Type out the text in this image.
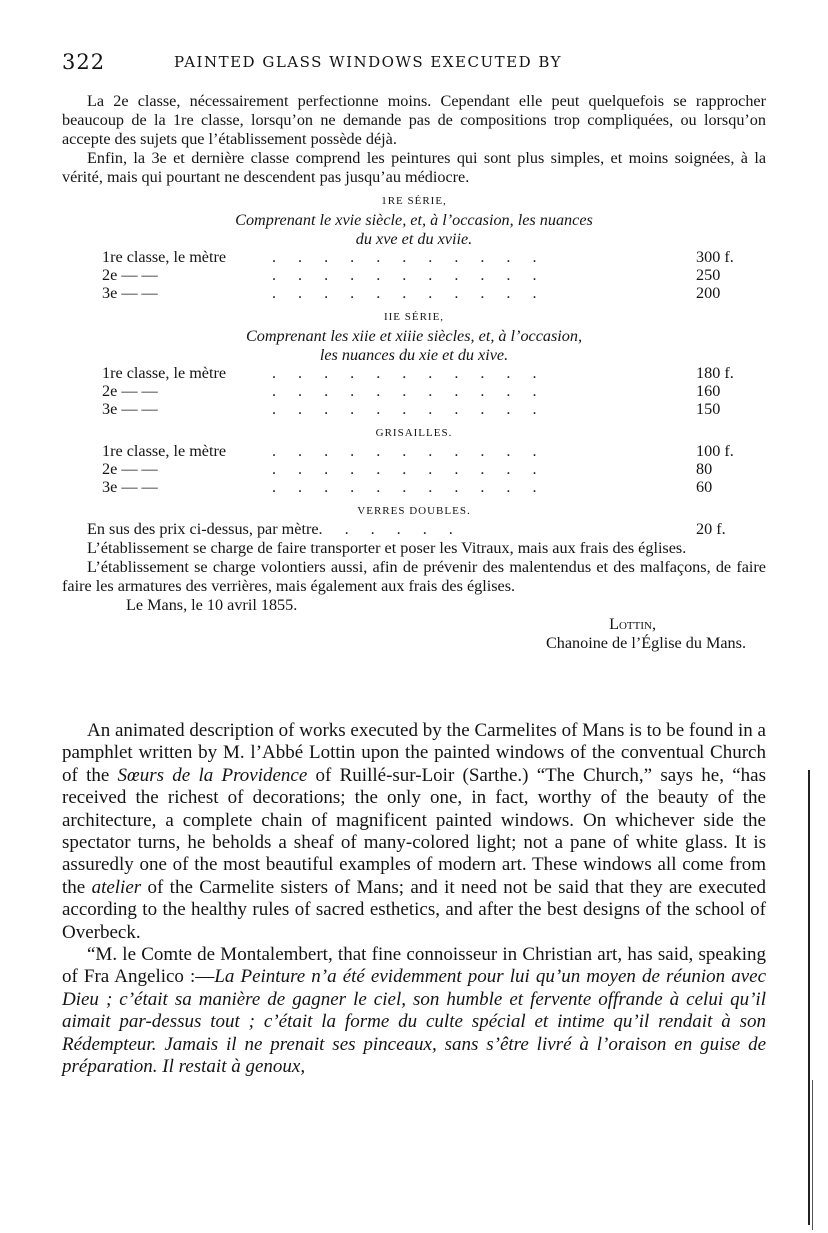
322	PAINTED GLASS WINDOWS EXECUTED BY

La 2e classe, nécessairement perfectionne moins. Cependant elle peut quelquefois se rapprocher beaucoup de la 1re classe, lorsqu’on ne demande pas de compositions trop compliquées, ou lorsqu’on accepte des sujets que l’établissement possède déjà.

Enfin, la 3e et dernière classe comprend les peintures qui sont plus simples, et moins soignées, à la vérité, mais qui pourtant ne descendent pas jusqu’au médiocre.

1RE SÉRIE,

Comprenant le xvie siècle, et, à l’occasion, les nuances

du xve et du xviie.

1re classe, le mètre	...........	300 f.
2e — —	...........	250
3e — —	...........	200
IIE SÉRIE,

Comprenant les xiie et xiiie siècles, et, à l’occasion,

les nuances du xie et du xive.

1re classe, le mètre	...........	180 f.
2e — —	...........	160
3e — —	...........	150
GRISAILLES.
1re classe, le mètre	...........	100 f.
2e — —	...........	80
3e — —	...........	60
VERRES DOUBLES.
En sus des prix ci-dessus, par mètre ......	20 f.

L’établissement se charge de faire transporter et poser les Vitraux, mais aux frais des églises.

L’établissement se charge volontiers aussi, afin de prévenir des malentendus et des malfaçons, de faire faire les armatures des verrières, mais également aux frais des églises.

Le Mans, le 10 avril 1855.

Lottin,

Chanoine de l’Église du Mans.

An animated description of works executed by the Carmelites of Mans is to be found in a pamphlet written by M. l’Abbé Lottin upon the painted windows of the conventual Church of the Sœurs de la Providence of Ruillé-sur-Loir (Sarthe.) “The Church,” says he, “has received the richest of decorations; the only one, in fact, worthy of the beauty of the architecture, a complete chain of magnificent painted windows. On whichever side the spectator turns, he beholds a sheaf of many-colored light; not a pane of white glass. It is assuredly one of the most beautiful examples of modern art. These windows all come from the atelier of the Carmelite sisters of Mans; and it need not be said that they are executed according to the healthy rules of sacred esthetics, and after the best designs of the school of Overbeck.

“M. le Comte de Montalembert, that fine connoisseur in Christian art, has said, speaking of Fra Angelico :—La Peinture n’a été evidemment pour lui qu’un moyen de réunion avec Dieu ; c’était sa manière de gagner le ciel, son humble et fervente offrande à celui qu’il aimait par-dessus tout ; c’était la forme du culte spécial et intime qu’il rendait à son Rédempteur. Jamais il ne prenait ses pinceaux, sans s’être livré à l’oraison en guise de préparation. Il restait à genoux,
